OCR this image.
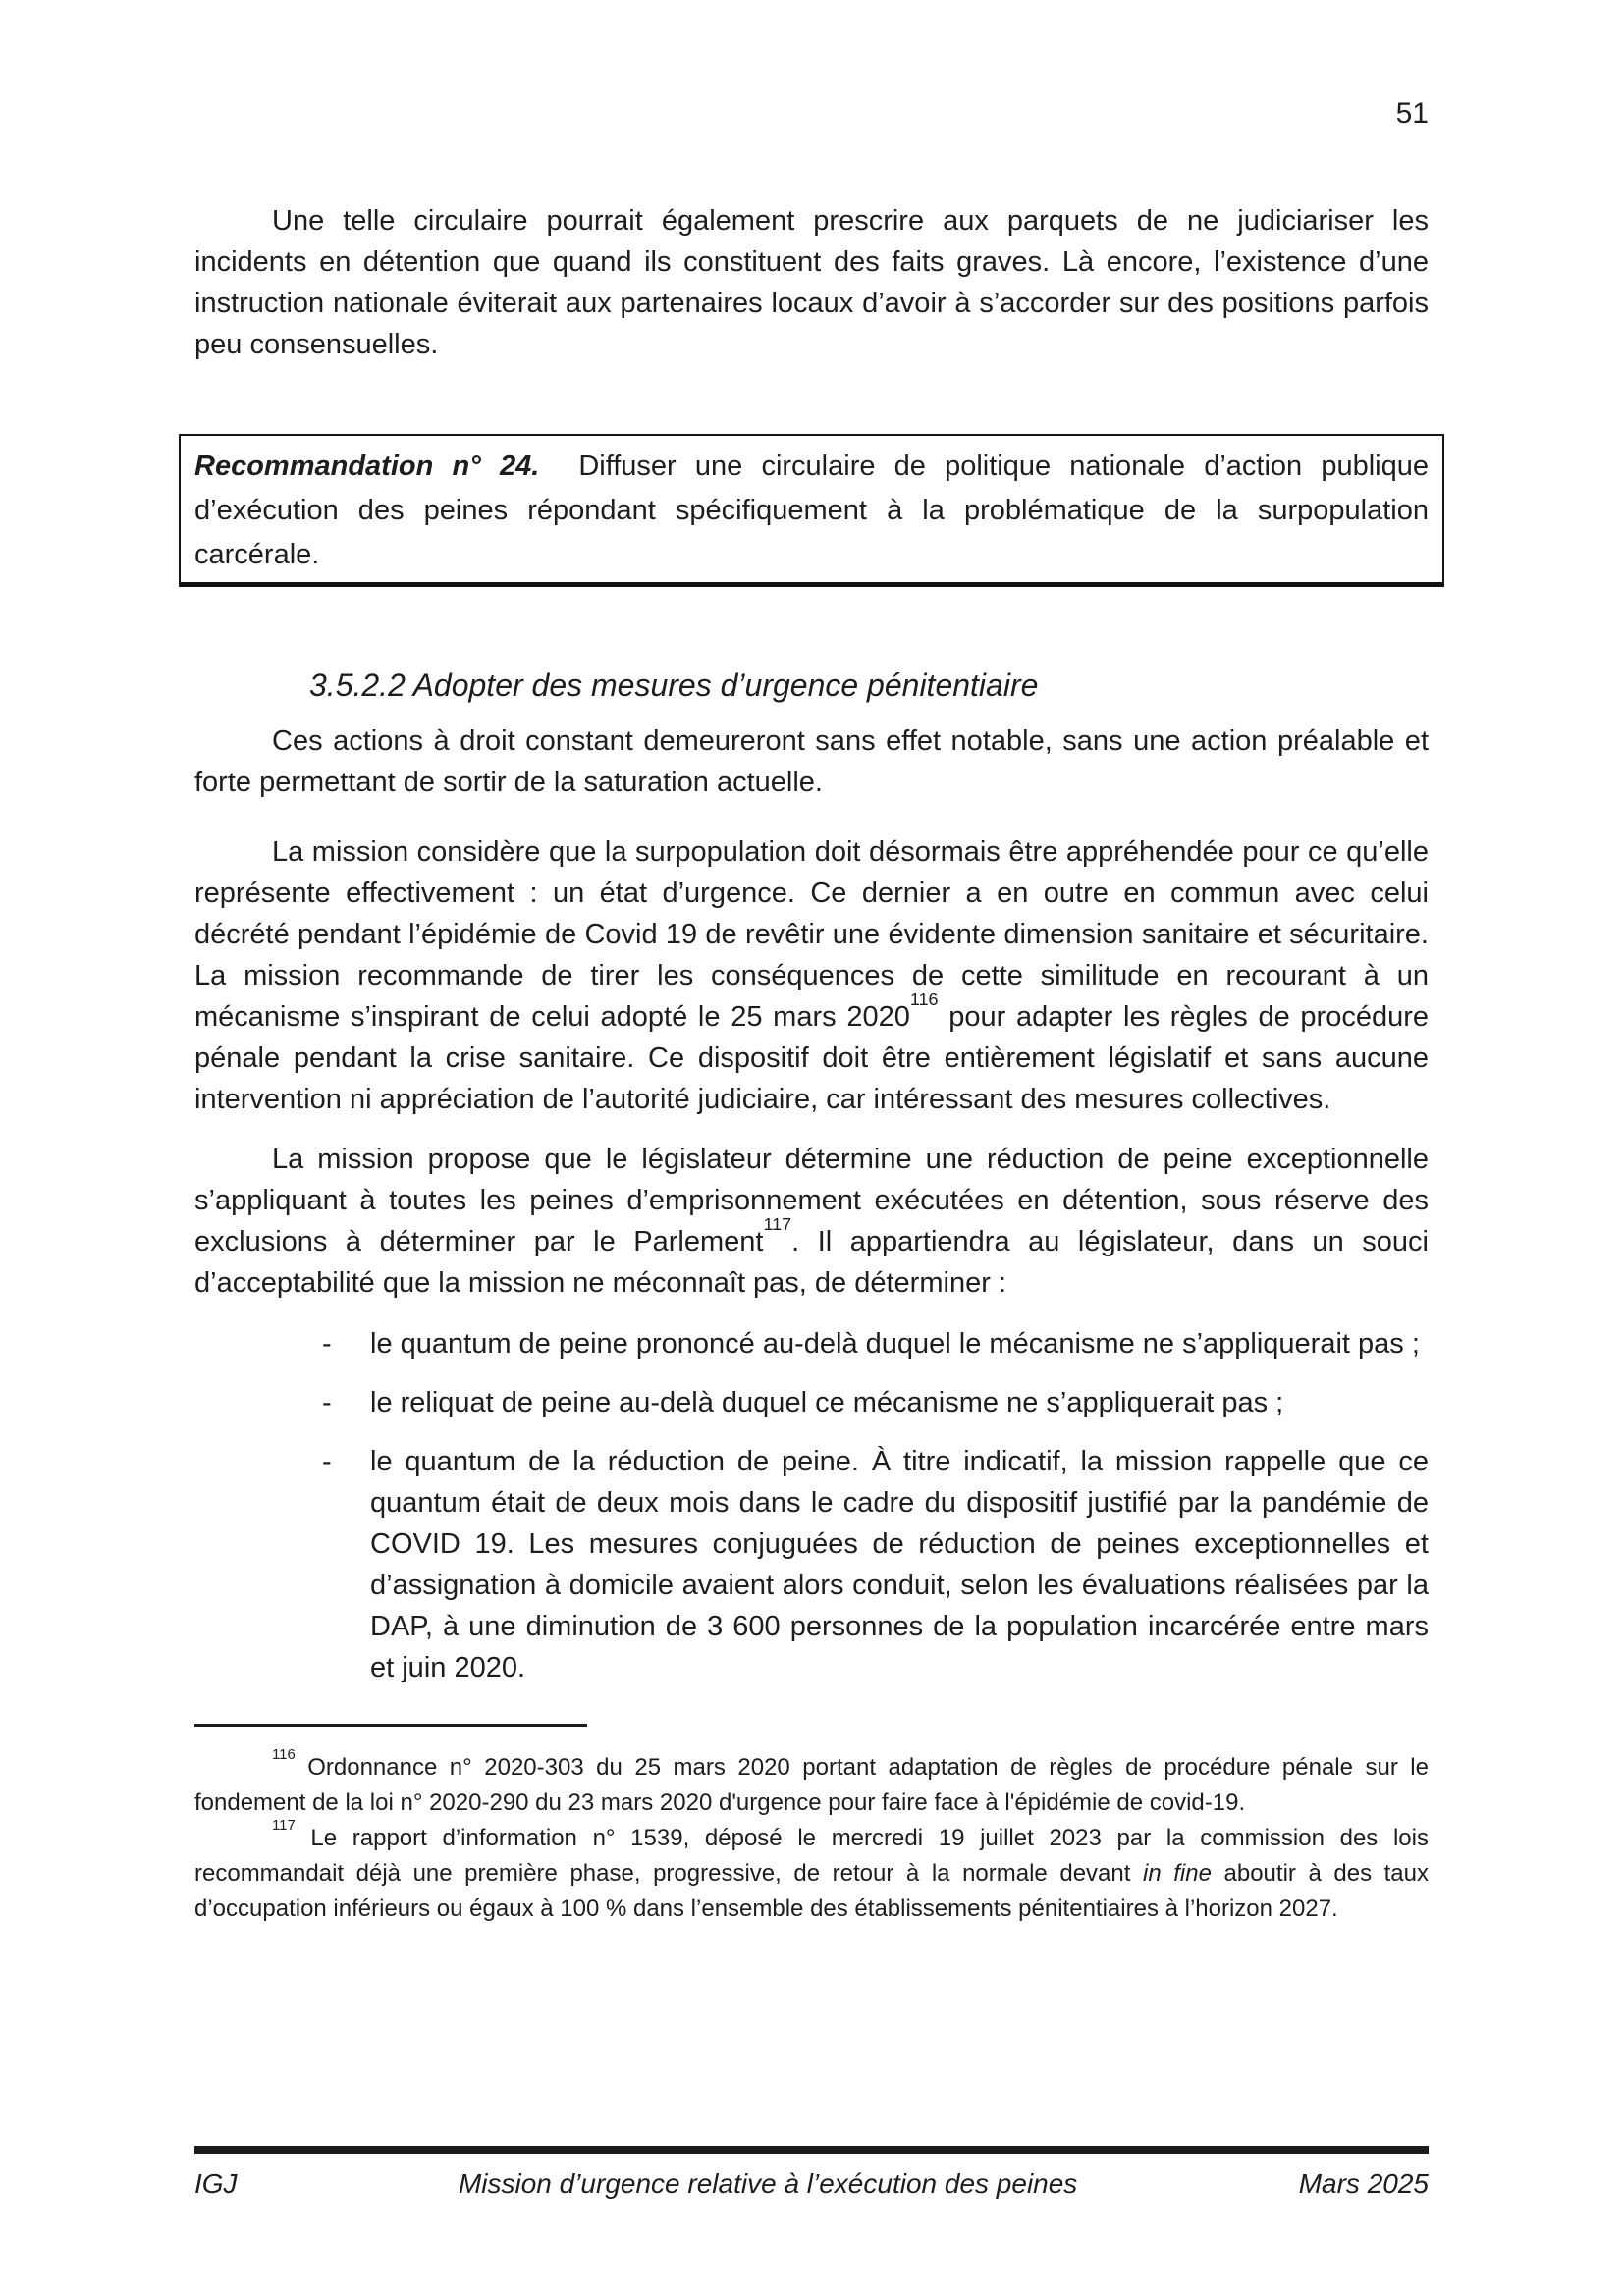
51

Une telle circulaire pourrait également prescrire aux parquets de ne judiciariser les incidents en détention que quand ils constituent des faits graves. Là encore, l’existence d’une instruction nationale éviterait aux partenaires locaux d’avoir à s’accorder sur des positions parfois peu consensuelles.

Recommandation n° 24. Diffuser une circulaire de politique nationale d’action publique d’exécution des peines répondant spécifiquement à la problématique de la surpopulation carcérale.

3.5.2.2 Adopter des mesures d’urgence pénitentiaire

Ces actions à droit constant demeureront sans effet notable, sans une action préalable et forte permettant de sortir de la saturation actuelle.

La mission considère que la surpopulation doit désormais être appréhendée pour ce qu’elle représente effectivement : un état d’urgence. Ce dernier a en outre en commun avec celui décrété pendant l’épidémie de Covid 19 de revêtir une évidente dimension sanitaire et sécuritaire. La mission recommande de tirer les conséquences de cette similitude en recourant à un mécanisme s’inspirant de celui adopté le 25 mars 2020$^{116}$ pour adapter les règles de procédure pénale pendant la crise sanitaire. Ce dispositif doit être entièrement législatif et sans aucune intervention ni appréciation de l’autorité judiciaire, car intéressant des mesures collectives.

La mission propose que le législateur détermine une réduction de peine exceptionnelle s’appliquant à toutes les peines d’emprisonnement exécutées en détention, sous réserve des exclusions à déterminer par le Parlement$^{117}$. Il appartiendra au législateur, dans un souci d’acceptabilité que la mission ne méconnaît pas, de déterminer :

- le quantum de peine prononcé au-delà duquel le mécanisme ne s’appliquerait pas ;
- le reliquat de peine au-delà duquel ce mécanisme ne s’appliquerait pas ;
- le quantum de la réduction de peine. À titre indicatif, la mission rappelle que ce quantum était de deux mois dans le cadre du dispositif justifié par la pandémie de COVID 19. Les mesures conjuguées de réduction de peines exceptionnelles et d’assignation à domicile avaient alors conduit, selon les évaluations réalisées par la DAP, à une diminution de 3 600 personnes de la population incarcérée entre mars et juin 2020.

$^{116}$ Ordonnance n° 2020-303 du 25 mars 2020 portant adaptation de règles de procédure pénale sur le fondement de la loi n° 2020-290 du 23 mars 2020 d'urgence pour faire face à l'épidémie de covid-19.

$^{117}$ Le rapport d’information n° 1539, déposé le mercredi 19 juillet 2023 par la commission des lois recommandait déjà une première phase, progressive, de retour à la normale devant in fine aboutir à des taux d’occupation inférieurs ou égaux à 100 % dans l’ensemble des établissements pénitentiaires à l’horizon 2027.

IGJ	Mission d’urgence relative à l’exécution des peines	Mars 2025
